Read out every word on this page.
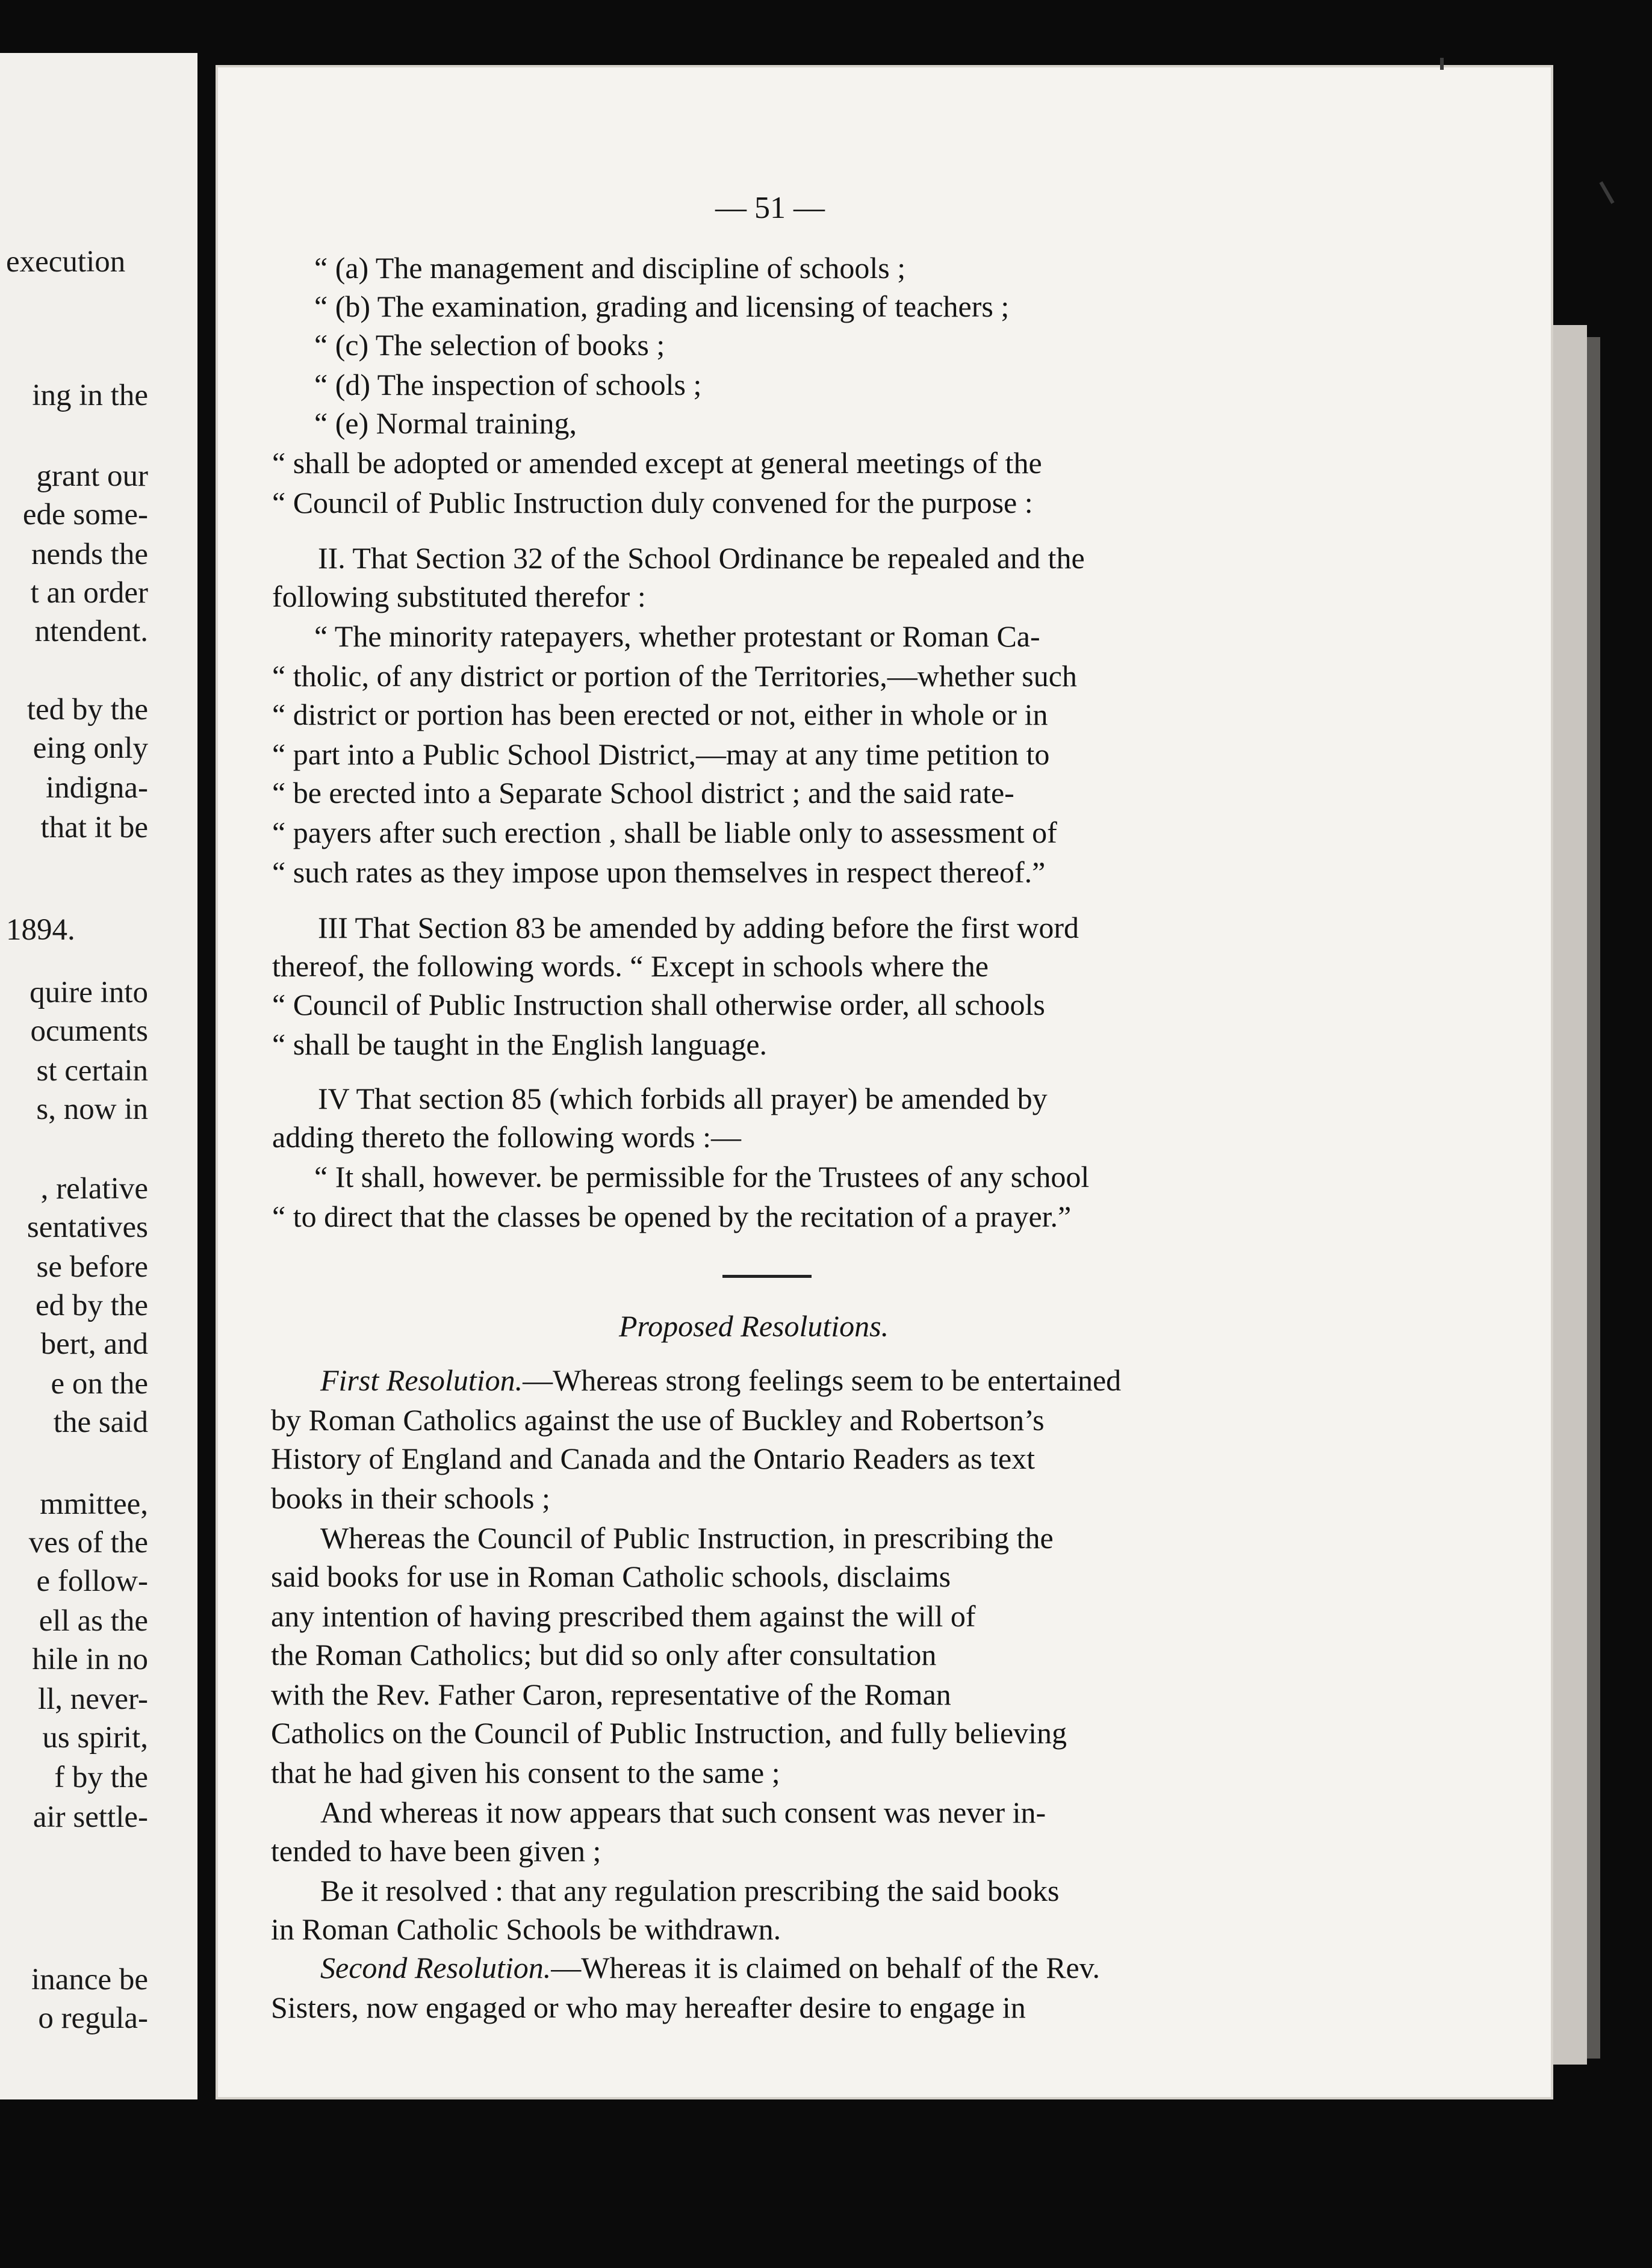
execution
ing in the
grant our
ede some-
nends the
t an order
ntendent.
ted by the
eing only
indigna-
that it be
1894.
quire into
ocuments
st certain
s, now in
, relative
sentatives
se before
ed by the
bert, and
e on the
the said
mmittee,
ves of the
e follow-
ell as the
hile in no
ll, never-
us spirit,
f by the
air settle-
inance be
o regula-
— 51 —
“ (a) The management and discipline of schools ;
“ (b) The examination, grading and licensing of teachers ;
“ (c) The selection of books ;
“ (d) The inspection of schools ;
“ (e) Normal training,
“ shall be adopted or amended except at general meetings of the
“ Council of Public Instruction duly convened for the purpose :
II. That Section 32 of the School Ordinance be repealed and the
following substituted therefor :
“ The minority ratepayers, whether protestant or Roman Ca-
“ tholic, of any district or portion of the Territories,—whether such
“ district or portion has been erected or not, either in whole or in
“ part into a Public School District,—may at any time petition to
“ be erected into a Separate School district ; and the said rate-
“ payers after such erection , shall be liable only to assessment of
“ such rates as they impose upon themselves in respect thereof.”
III That Section 83 be amended by adding before the first word
thereof, the following words. “ Except in schools where the
“ Council of Public Instruction shall otherwise order, all schools
“ shall be taught in the English language.
IV That section 85 (which forbids all prayer) be amended by
adding thereto the following words :—
“ It shall, however. be permissible for the Trustees of any school
“ to direct that the classes be opened by the recitation of a prayer.”
Proposed Resolutions.
First Resolution.—Whereas strong feelings seem to be entertained
by Roman Catholics against the use of Buckley and Robertson’s
History of England and Canada and the Ontario Readers as text
books in their schools ;
Whereas the Council of Public Instruction, in prescribing the
said books for use in Roman Catholic schools, disclaims
any intention of having prescribed them against the will of
the Roman Catholics; but did so only after consultation
with the Rev. Father Caron, representative of the Roman
Catholics on the Council of Public Instruction, and fully believing
that he had given his consent to the same ;
And whereas it now appears that such consent was never in-
tended to have been given ;
Be it resolved : that any regulation prescribing the said books
in Roman Catholic Schools be withdrawn.
Second Resolution.—Whereas it is claimed on behalf of the Rev.
Sisters, now engaged or who may hereafter desire to engage in
